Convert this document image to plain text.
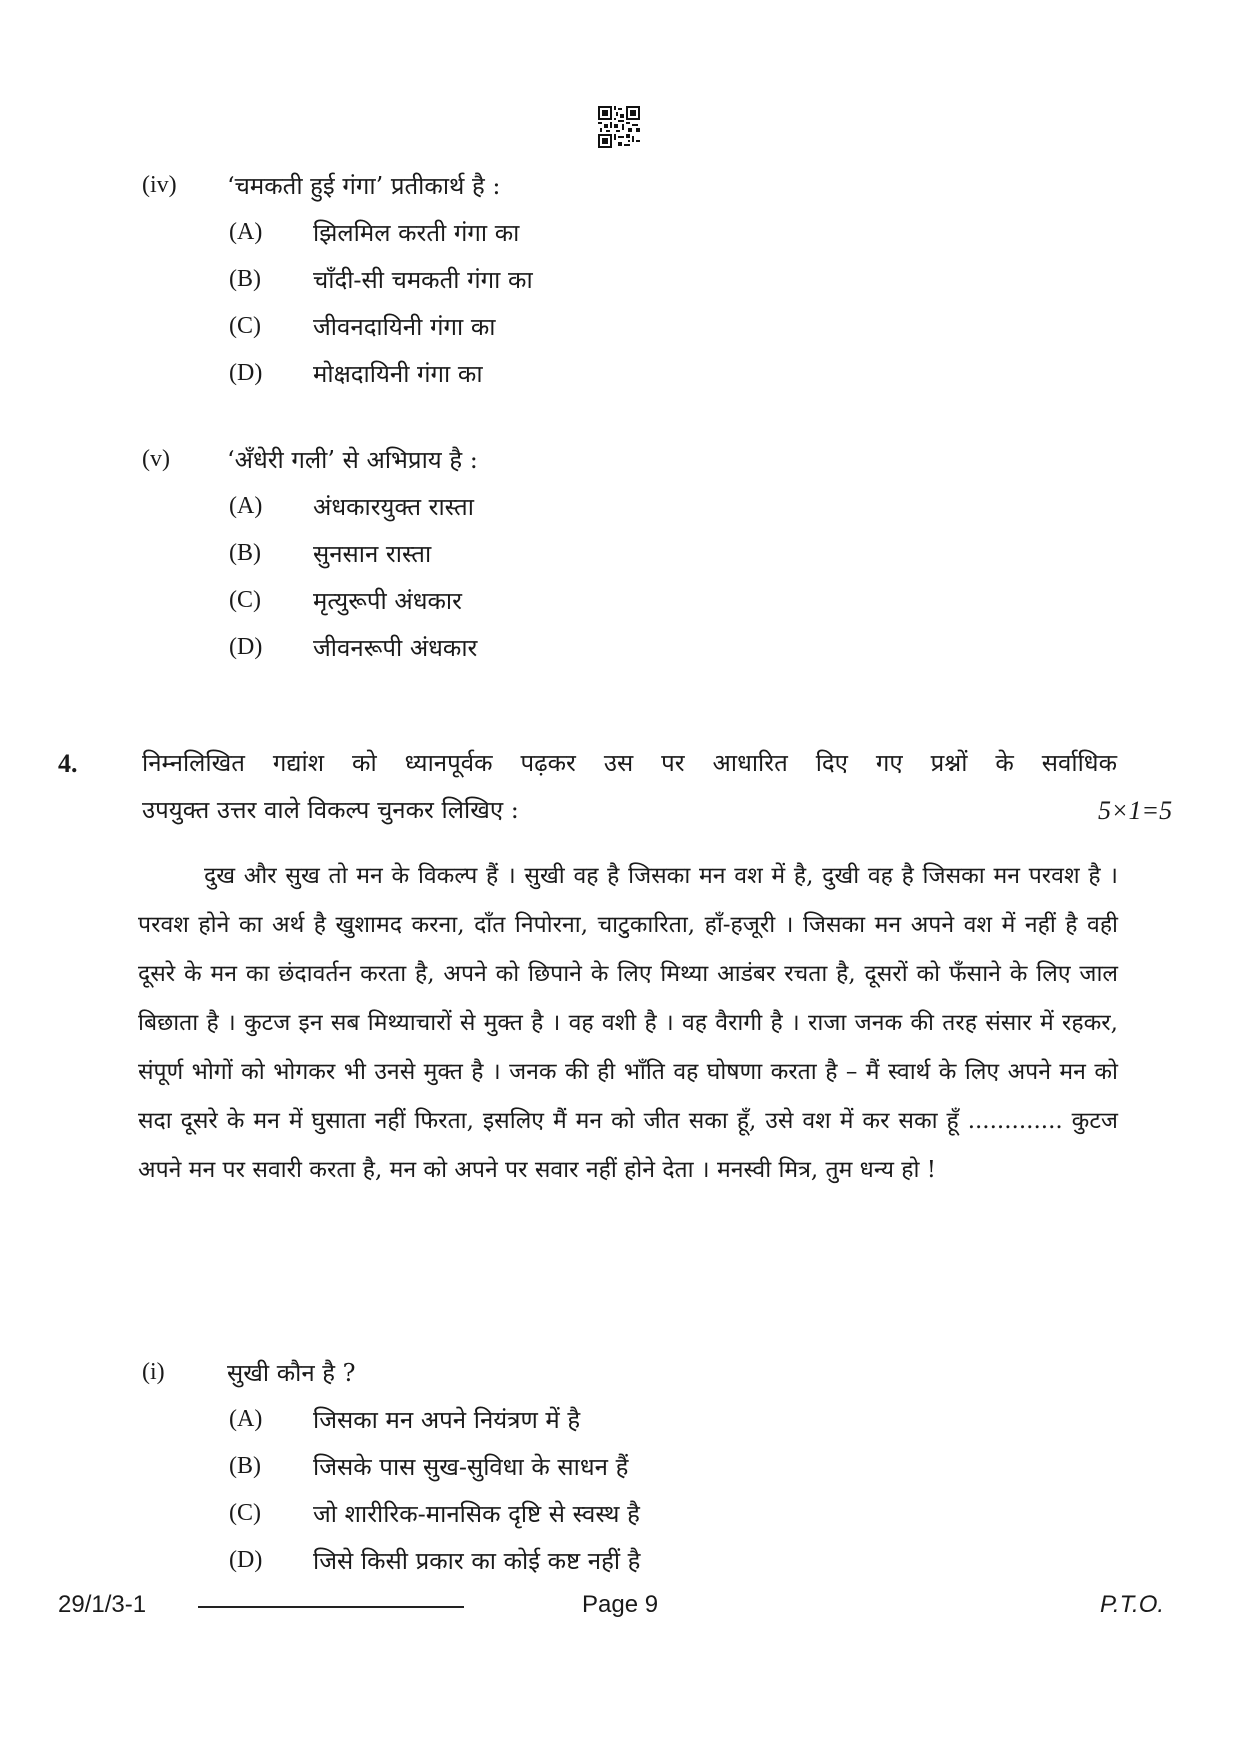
(iv) ‘चमकती हुई गंगा’ प्रतीकार्थ है :
(A) झिलमिल करती गंगा का
(B) चाँदी-सी चमकती गंगा का
(C) जीवनदायिनी गंगा का
(D) मोक्षदायिनी गंगा का
(v) ‘अँधेरी गली’ से अभिप्राय है :
(A) अंधकारयुक्त रास्ता
(B) सुनसान रास्ता
(C) मृत्युरूपी अंधकार
(D) जीवनरूपी अंधकार
4.	निम्नलिखित गद्यांश को ध्यानपूर्वक पढ़कर उस पर आधारित दिए गए प्रश्नों के सर्वाधिक
उपयुक्त उत्तर वाले विकल्प चुनकर लिखिए :	5×1=5

दुख और सुख तो मन के विकल्प हैं । सुखी वह है जिसका मन वश में है, दुखी वह है जिसका मन परवश है । परवश होने का अर्थ है खुशामद करना, दाँत निपोरना, चाटुकारिता, हाँ-हजूरी । जिसका मन अपने वश में नहीं है वही दूसरे के मन का छंदावर्तन करता है, अपने को छिपाने के लिए मिथ्या आडंबर रचता है, दूसरों को फँसाने के लिए जाल बिछाता है । कुटज इन सब मिथ्याचारों से मुक्त है । वह वशी है । वह वैरागी है । राजा जनक की तरह संसार में रहकर, संपूर्ण भोगों को भोगकर भी उनसे मुक्त है । जनक की ही भाँति वह घोषणा करता है – मैं स्वार्थ के लिए अपने मन को सदा दूसरे के मन में घुसाता नहीं फिरता, इसलिए मैं मन को जीत सका हूँ, उसे वश में कर सका हूँ ............. कुटज अपने मन पर सवारी करता है, मन को अपने पर सवार नहीं होने देता । मनस्वी मित्र, तुम धन्य हो !

(i)	सुखी कौन है ?
(A) जिसका मन अपने नियंत्रण में है
(B) जिसके पास सुख-सुविधा के साधन हैं
(C) जो शारीरिक-मानसिक दृष्टि से स्वस्थ है
(D) जिसे किसी प्रकार का कोई कष्ट नहीं है
29/1/3-1	Page 9	P.T.O.
